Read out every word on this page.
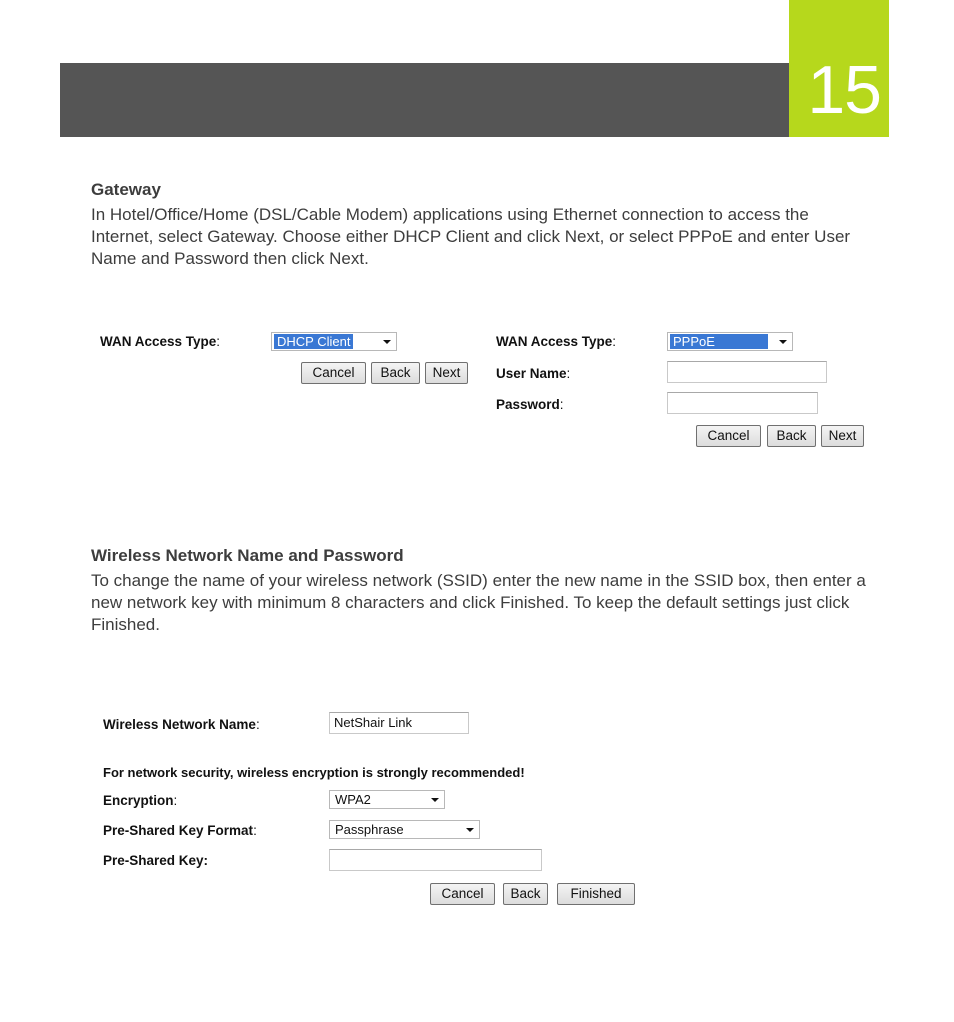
15
Gateway
In Hotel/Office/Home (DSL/Cable Modem) applications using Ethernet connection to access the Internet, select Gateway. Choose either DHCP Client and click Next, or select PPPoE and enter User Name and Password then click Next.
WAN Access Type:	DHCP Client
Cancel	Back	Next
WAN Access Type:	PPPoE
User Name:
Password:
Cancel	Back	Next
Wireless Network Name and Password
To change the name of your wireless network (SSID) enter the new name in the SSID box, then enter a new network key with minimum 8 characters and click Finished. To keep the default settings just click Finished.
Wireless Network Name:	NetShair Link
For network security, wireless encryption is strongly recommended!
Encryption:	WPA2
Pre-Shared Key Format:	Passphrase
Pre-Shared Key:
Cancel	Back	Finished
